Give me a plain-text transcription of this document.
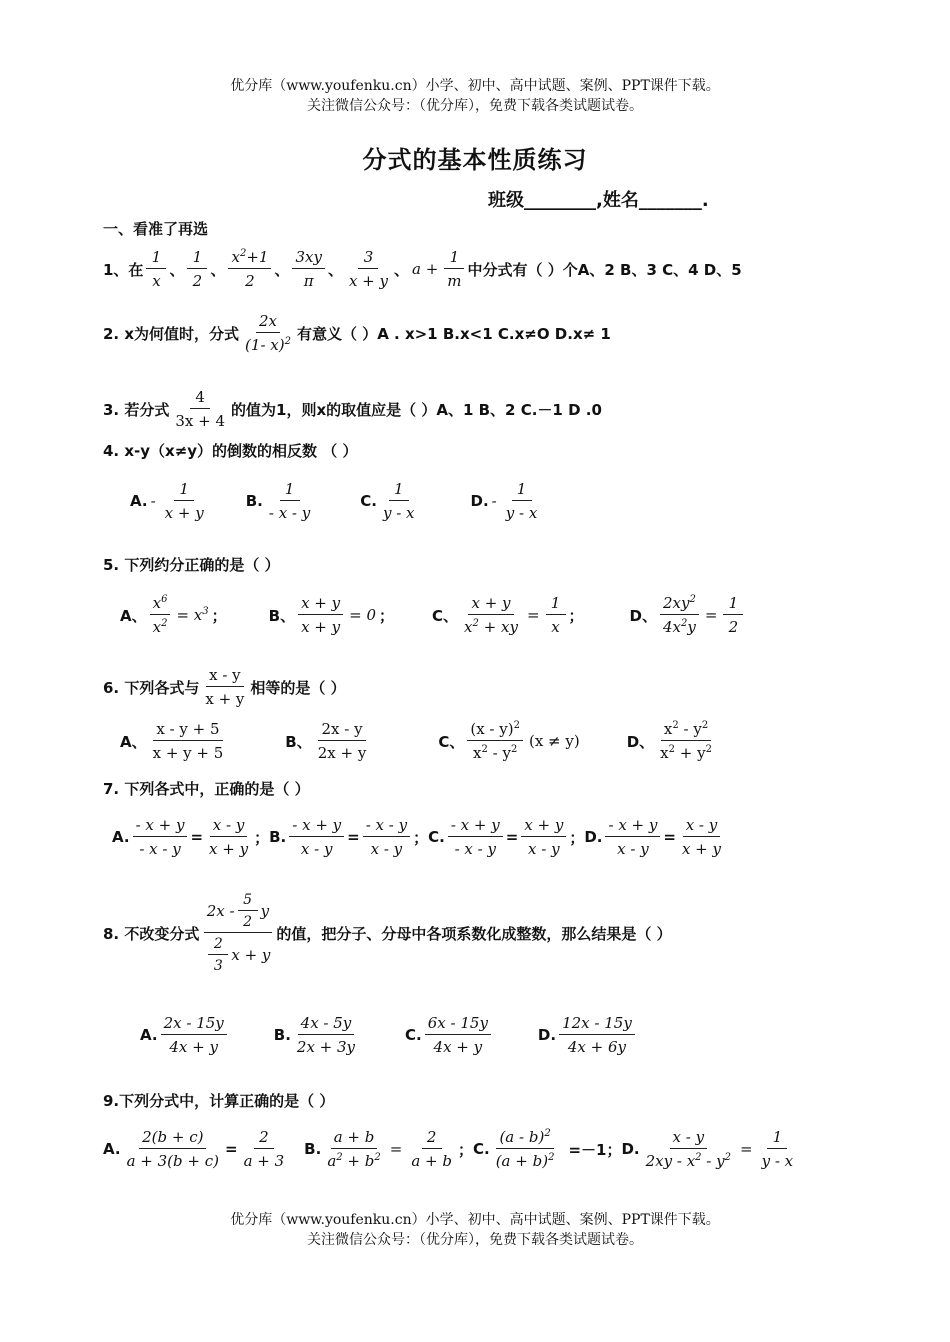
优分库（www.youfenku.cn）小学、初中、高中试题、案例、PPT课件下载。
关注微信公众号：（优分库），免费下载各类试题试卷。
分式的基本性质练习
班级________,姓名_______.
一、看准了再选
1、在 $\frac{1}{x}$ 、 $\frac{1}{2}$ 、 $\frac{x^2+1}{2}$ 、 $\frac{3xy}{\pi}$ 、 $\frac{3}{x + y}$ 、 $a + \frac{1}{m}$ 中分式有（ ）个A、2 B、3 C、4 D、5
2. x为何值时，分式 $\frac{2x}{(1- x)^2}$ 有意义（ ）A . x>1 B.x<1 C.x≠O D.x≠ 1
3. 若分式 $\frac{4}{3x + 4}$ 的值为1，则x的取值应是（ ）A、1 B、2 C.－1 D .0
4. x-y（x≠y）的倒数的相反数 （ ）
A. - $\frac{1}{x + y}$	B. $\frac{1}{- x - y}$	C. $\frac{1}{y - x}$	D. - $\frac{1}{y - x}$
5. 下列约分正确的是（ ）
A、 $\frac{x^6}{x^2} = x^3$ ；	B、 $\frac{x + y}{x + y} = 0$ ；	C、 $\frac{x + y}{x^2 + xy} = \frac{1}{x}$ ；	D、 $\frac{2xy^2}{4x^2y} = \frac{1}{2}$
6. 下列各式与 $\frac{x - y}{x + y}$ 相等的是（ ）
A、 $\frac{x - y + 5}{x + y + 5}$	B、 $\frac{2x - y}{2x + y}$	C、 $\frac{(x - y)^2}{x^2 - y^2} (x \ne y)$	D、 $\frac{x^2 - y^2}{x^2 + y^2}$
7. 下列各式中，正确的是（ ）
A. $\frac{- x + y}{- x - y} = \frac{x - y}{x + y}$ ； B. $\frac{- x + y}{x - y} = \frac{- x - y}{x - y}$ ； C. $\frac{- x + y}{- x - y} = \frac{x + y}{x - y}$ ； D. $\frac{- x + y}{x - y} = \frac{x - y}{x + y}$
8. 不改变分式 $\frac{2x - \frac{5}{2} y}{\frac{2}{3} x + y}$ 的值，把分子、分母中各项系数化成整数，那么结果是（ ）
A. $\frac{2x - 15y}{4x + y}$	B. $\frac{4x - 5y}{2x + 3y}$	C. $\frac{6x - 15y}{4x + y}$	D. $\frac{12x - 15y}{4x + 6y}$
9.下列分式中，计算正确的是（ ）
A. $\frac{2(b + c)}{a + 3(b + c)} = \frac{2}{a + 3} B$. $\frac{a + b}{a^2 + b^2} = \frac{2}{a + b}$ ； C. $\frac{(a - b)^2}{(a + b)^2} =-1$； D. $\frac{x - y}{2xy - x^2 - y^2} = \frac{1}{y - x}$
优分库（www.youfenku.cn）小学、初中、高中试题、案例、PPT课件下载。
关注微信公众号：（优分库），免费下载各类试题试卷。
